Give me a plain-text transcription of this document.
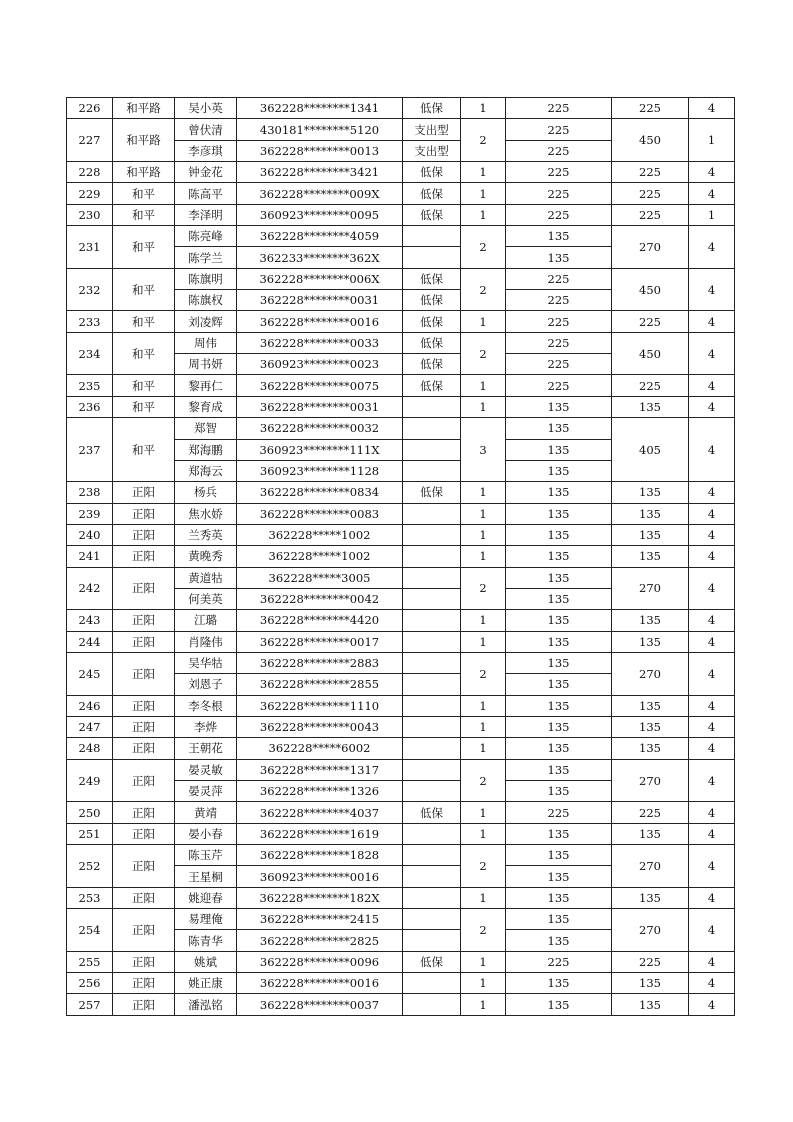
226	和平路	吴小英	362228********1341	低保	1	225	225	4
227	和平路	曾伏清	430181********5120	支出型	2	225	450	1
		李彦琪	362228********0013	支出型		225		
228	和平路	钟金花	362228********3421	低保	1	225	225	4
229	和平	陈高平	362228********009X	低保	1	225	225	4
230	和平	李泽明	360923********0095	低保	1	225	225	1
231	和平	陈亮峰	362228********4059		2	135	270	4
		陈学兰	362233********362X			135		
232	和平	陈旗明	362228********006X	低保	2	225	450	4
		陈旗权	362228********0031	低保		225		
233	和平	刘凌辉	362228********0016	低保	1	225	225	4
234	和平	周伟	362228********0033	低保	2	225	450	4
		周书妍	360923********0023	低保		225		
235	和平	黎再仁	362228********0075	低保	1	225	225	4
236	和平	黎育成	362228********0031		1	135	135	4
237	和平	郑智	362228********0032		3	135	405	4
		郑海鹏	360923********111X			135		
		郑海云	360923********1128			135		
238	正阳	杨兵	362228********0834	低保	1	135	135	4
239	正阳	焦水娇	362228********0083		1	135	135	4
240	正阳	兰秀英	362228*****1002		1	135	135	4
241	正阳	黄晚秀	362228*****1002		1	135	135	4
242	正阳	黄道牯	362228*****3005		2	135	270	4
		何美英	362228********0042			135		
243	正阳	江璐	362228********4420		1	135	135	4
244	正阳	肖隆伟	362228********0017		1	135	135	4
245	正阳	吴华牯	362228********2883		2	135	270	4
		刘恩子	362228********2855			135		
246	正阳	李冬根	362228********1110		1	135	135	4
247	正阳	李烨	362228********0043		1	135	135	4
248	正阳	王朝花	362228*****6002		1	135	135	4
249	正阳	晏灵敏	362228********1317		2	135	270	4
		晏灵萍	362228********1326			135		
250	正阳	黄靖	362228********4037	低保	1	225	225	4
251	正阳	晏小春	362228********1619		1	135	135	4
252	正阳	陈玉芹	362228********1828		2	135	270	4
		王星桐	360923********0016			135		
253	正阳	姚迎春	362228********182X		1	135	135	4
254	正阳	易理俺	362228********2415		2	135	270	4
		陈青华	362228********2825			135		
255	正阳	姚斌	362228********0096	低保	1	225	225	4
256	正阳	姚正康	362228********0016		1	135	135	4
257	正阳	潘泓铭	362228********0037		1	135	135	4
